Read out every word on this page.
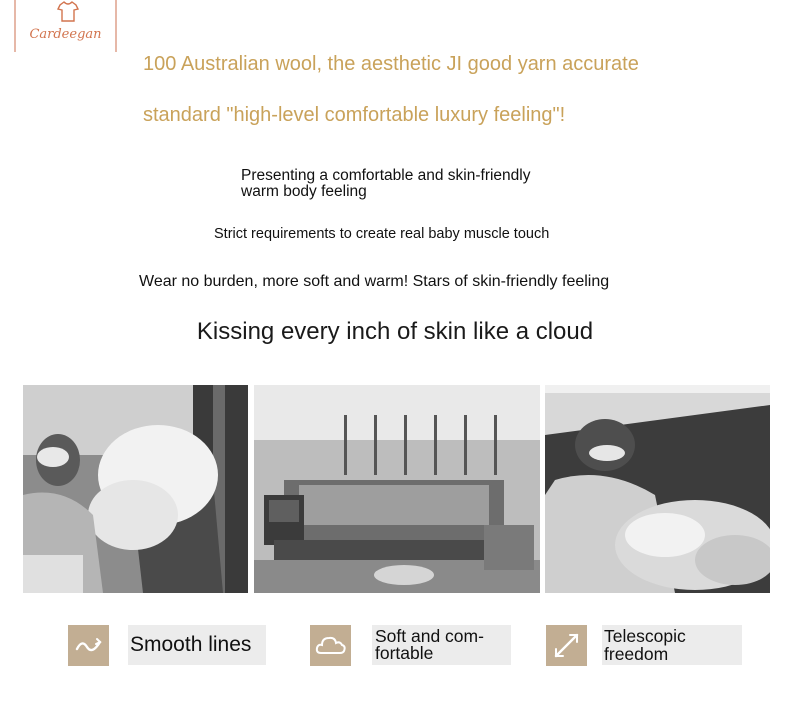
Cardeegan
100 Australian wool, the aesthetic JI good yarn accurate
standard "high-level comfortable luxury feeling"!
Presenting a comfortable and skin-friendly warm body feeling
Strict requirements to create real baby muscle touch
Wear no burden, more soft and warm! Stars of skin-friendly feeling
Kissing every inch of skin like a cloud
Smooth lines	Soft and com-fortable
Telescopic freedom
